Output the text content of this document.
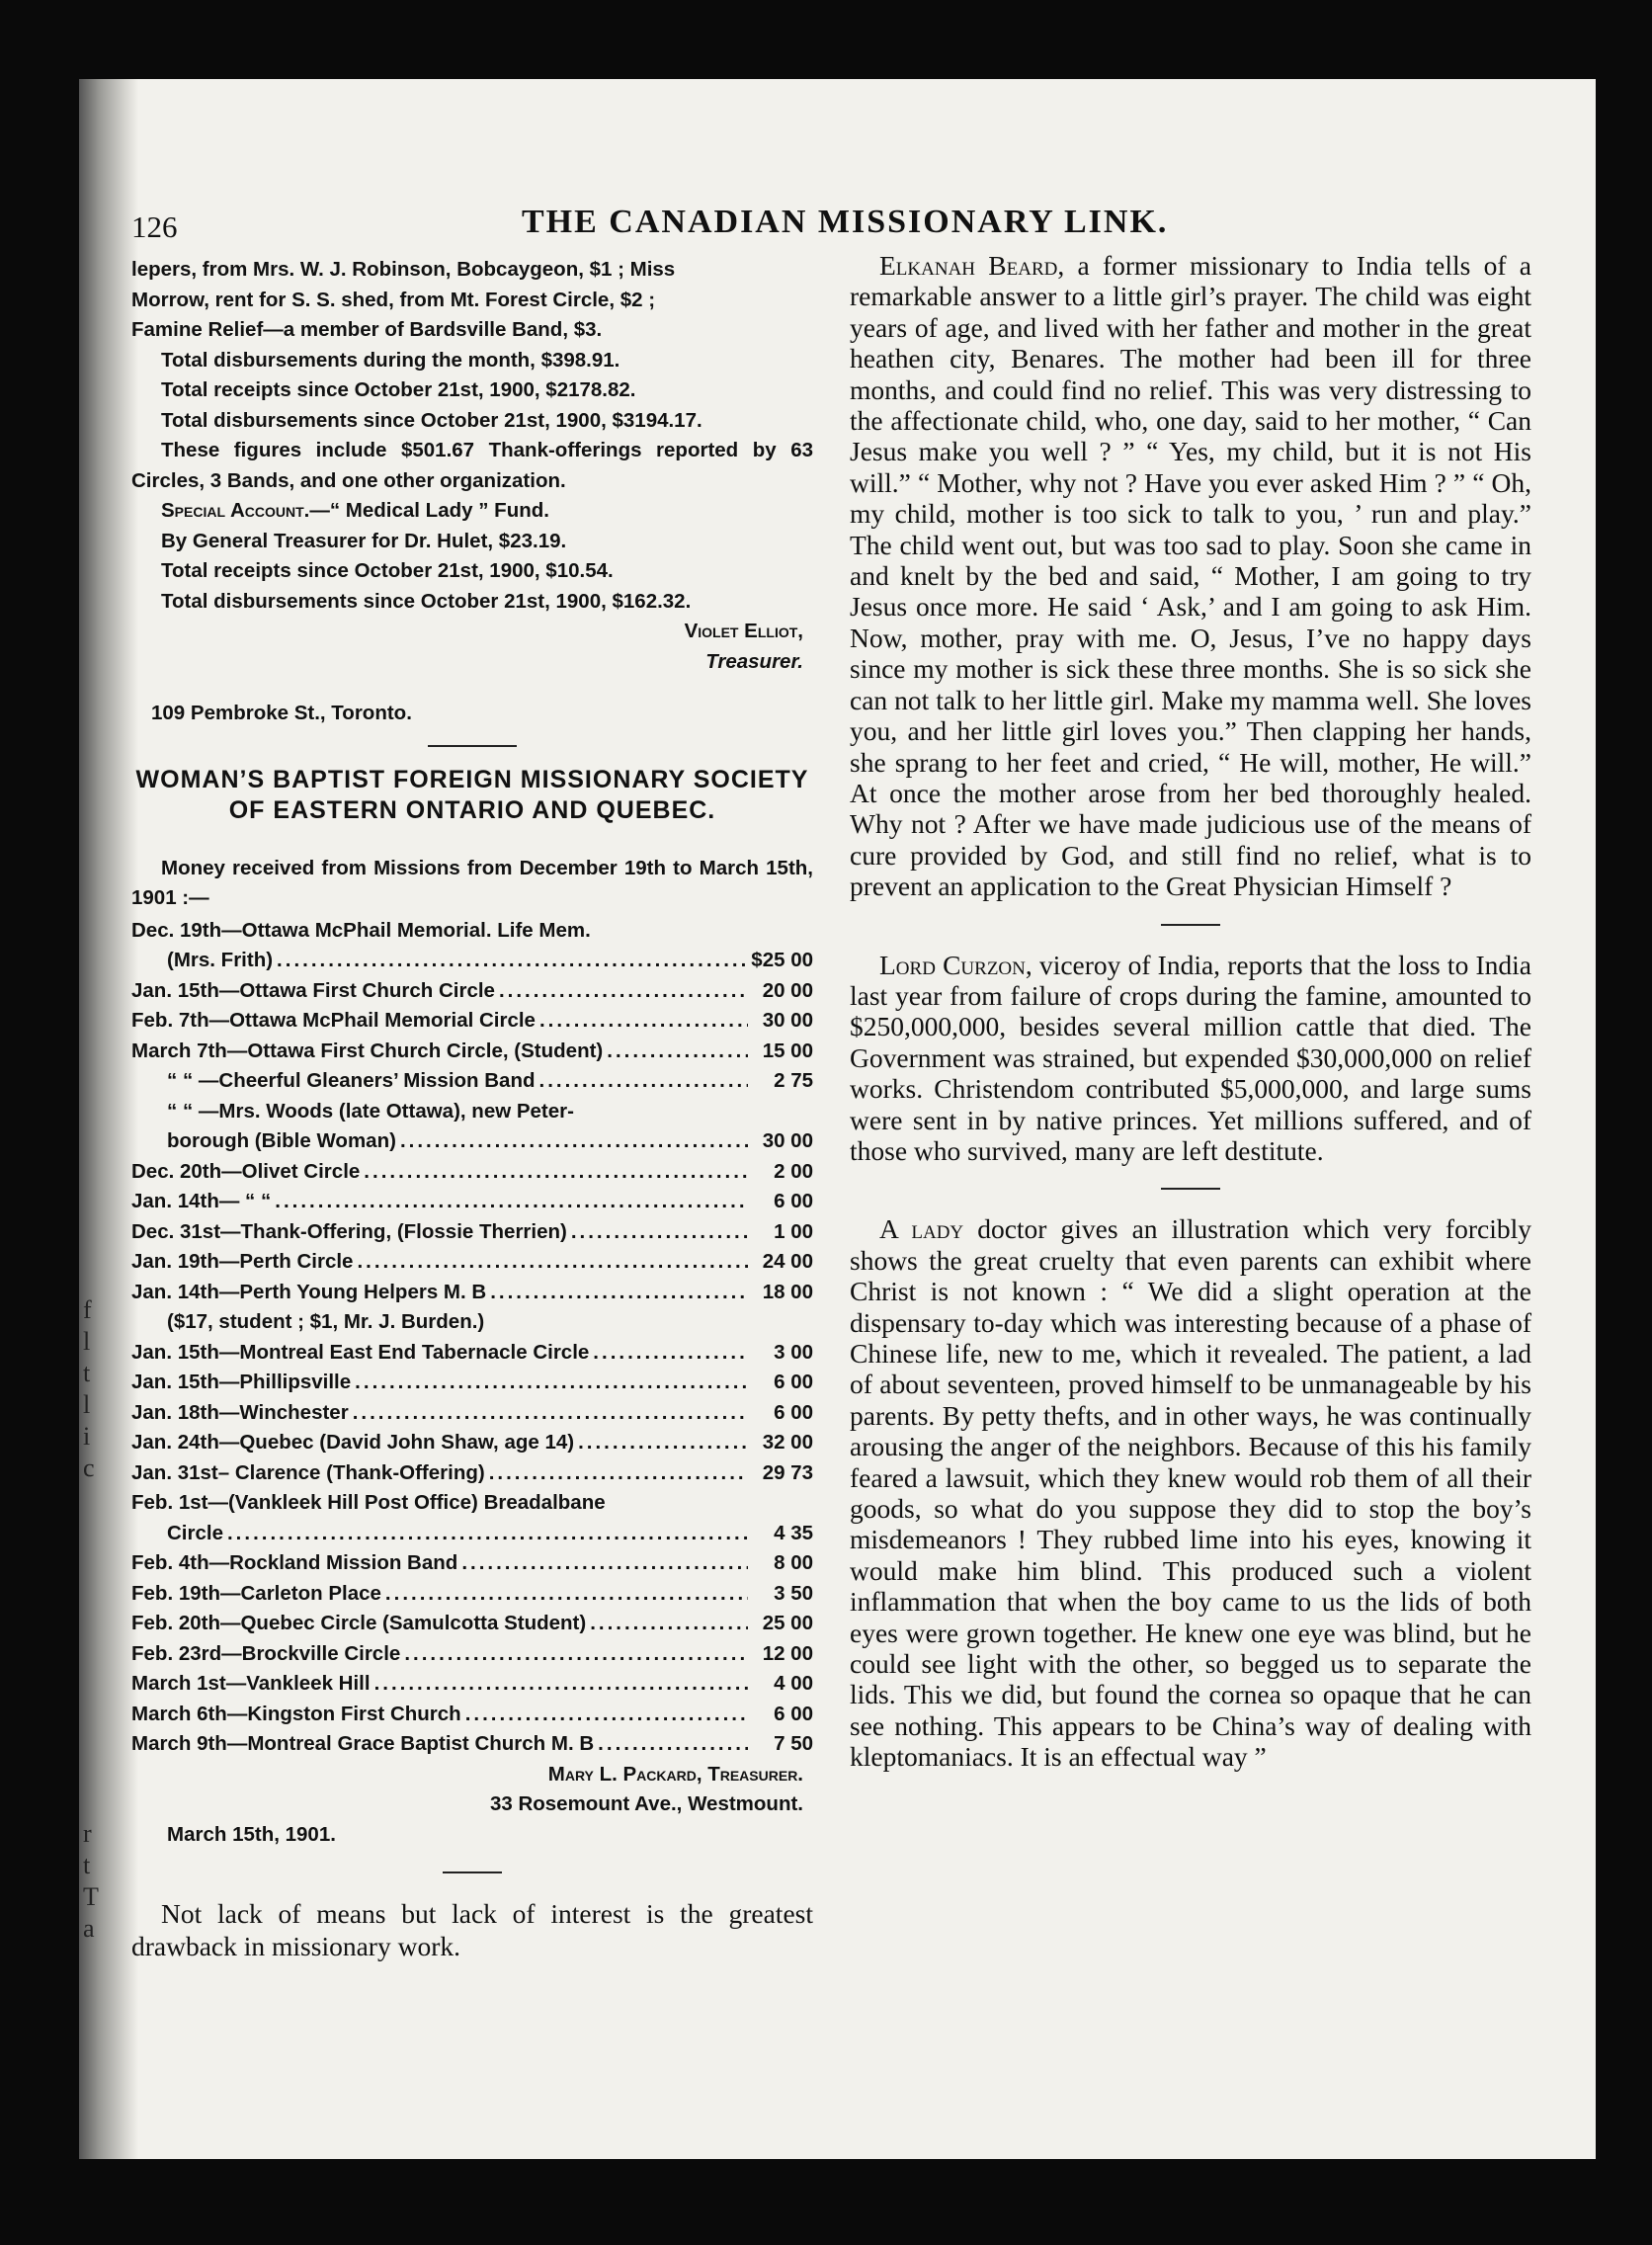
f
l
t
l
i
c
r
t
T
a
126	THE CANADIAN MISSIONARY LINK.

lepers, from Mrs. W. J. Robinson, Bobcaygeon, $1 ; Miss

Morrow, rent for S. S. shed, from Mt. Forest Circle, $2 ;

Famine Relief—a member of Bardsville Band, $3.

Total disbursements during the month, $398.91.

Total receipts since October 21st, 1900, $2178.82.

Total disbursements since October 21st, 1900, $3194.17.

These figures include $501.67 Thank-offerings reported by 63 Circles, 3 Bands, and one other organization.

Special Account.—“ Medical Lady ” Fund.

By General Treasurer for Dr. Hulet, $23.19.

Total receipts since October 21st, 1900, $10.54.

Total disbursements since October 21st, 1900, $162.32.

Violet Elliot,

Treasurer.

109 Pembroke St., Toronto.

WOMAN’S BAPTIST FOREIGN MISSIONARY SOCIETY OF EASTERN ONTARIO AND QUEBEC.

Money received from Missions from December 19th to March 15th, 1901 :—

Dec. 19th—Ottawa McPhail Memorial. Life Mem.
(Mrs. Frith) .....	$25 00
Jan. 15th—Ottawa First Church Circle .....	20 00
Feb. 7th—Ottawa McPhail Memorial Circle .....	30 00
March 7th—Ottawa First Church Circle, (Student) .....	15 00
“ “ —Cheerful Gleaners’ Mission Band .....	2 75
“ “ —Mrs. Woods (late Ottawa), new Peter-
borough (Bible Woman) .....	30 00
Dec. 20th—Olivet Circle .....	2 00
Jan. 14th— “ “ .....	6 00
Dec. 31st—Thank-Offering, (Flossie Therrien) .....	1 00
Jan. 19th—Perth Circle .....	24 00
Jan. 14th—Perth Young Helpers M. B .....	18 00
($17, student ; $1, Mr. J. Burden.)
Jan. 15th—Montreal East End Tabernacle Circle .....	3 00
Jan. 15th—Phillipsville .....	6 00
Jan. 18th—Winchester .....	6 00
Jan. 24th—Quebec (David John Shaw, age 14) .....	32 00
Jan. 31st– Clarence (Thank-Offering) .....	29 73
Feb. 1st—(Vankleek Hill Post Office) Breadalbane
Circle .....	4 35
Feb. 4th—Rockland Mission Band .....	8 00
Feb. 19th—Carleton Place .....	3 50
Feb. 20th—Quebec Circle (Samulcotta Student) .....	25 00
Feb. 23rd—Brockville Circle .....	12 00
March 1st—Vankleek Hill .....	4 00
March 6th—Kingston First Church .....	6 00
March 9th—Montreal Grace Baptist Church M. B .....	7 50

Mary L. Packard, Treasurer.

33 Rosemount Ave., Westmount.

March 15th, 1901.

Not lack of means but lack of interest is the greatest drawback in missionary work.

Elkanah Beard, a former missionary to India tells of a remarkable answer to a little girl’s prayer. The child was eight years of age, and lived with her father and mother in the great heathen city, Benares. The mother had been ill for three months, and could find no relief. This was very distressing to the affectionate child, who, one day, said to her mother, “ Can Jesus make you well ? ” “ Yes, my child, but it is not His will.” “ Mother, why not ? Have you ever asked Him ? ” “ Oh, my child, mother is too sick to talk to you, ’ run and play.” The child went out, but was too sad to play. Soon she came in and knelt by the bed and said, “ Mother, I am going to try Jesus once more. He said ‘ Ask,’ and I am going to ask Him. Now, mother, pray with me. O, Jesus, I’ve no happy days since my mother is sick these three months. She is so sick she can not talk to her little girl. Make my mamma well. She loves you, and her little girl loves you.” Then clapping her hands, she sprang to her feet and cried, “ He will, mother, He will.” At once the mother arose from her bed thoroughly healed. Why not ? After we have made judicious use of the means of cure provided by God, and still find no relief, what is to prevent an application to the Great Physician Himself ?

Lord Curzon, viceroy of India, reports that the loss to India last year from failure of crops during the famine, amounted to $250,000,000, besides several million cattle that died. The Government was strained, but expended $30,000,000 on relief works. Christendom contributed $5,000,000, and large sums were sent in by native princes. Yet millions suffered, and of those who survived, many are left destitute.

A lady doctor gives an illustration which very forcibly shows the great cruelty that even parents can exhibit where Christ is not known : “ We did a slight operation at the dispensary to-day which was interesting because of a phase of Chinese life, new to me, which it revealed. The patient, a lad of about seventeen, proved himself to be unmanageable by his parents. By petty thefts, and in other ways, he was continually arousing the anger of the neighbors. Because of this his family feared a lawsuit, which they knew would rob them of all their goods, so what do you suppose they did to stop the boy’s misdemeanors ! They rubbed lime into his eyes, knowing it would make him blind. This produced such a violent inflammation that when the boy came to us the lids of both eyes were grown together. He knew one eye was blind, but he could see light with the other, so begged us to separate the lids. This we did, but found the cornea so opaque that he can see nothing. This appears to be China’s way of dealing with kleptomaniacs. It is an effectual way ”
